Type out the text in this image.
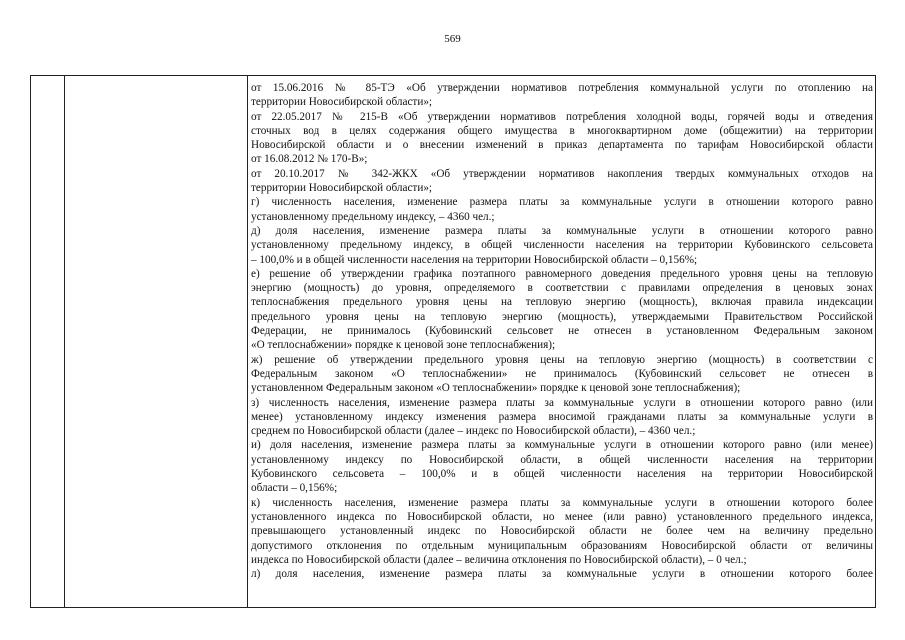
569
от 15.06.2016 № 85-ТЭ «Об утверждении нормативов потребления коммунальной услуги по отоплению на
территории Новосибирской области»;
от 22.05.2017 № 215-В «Об утверждении нормативов потребления холодной воды, горячей воды и отведения
сточных вод в целях содержания общего имущества в многоквартирном доме (общежитии) на территории
Новосибирской области и о внесении изменений в приказ департамента по тарифам Новосибирской области
от 16.08.2012 № 170-В»;
от 20.10.2017 № 342-ЖКХ «Об утверждении нормативов накопления твердых коммунальных отходов на
территории Новосибирской области»;
г) численность населения, изменение размера платы за коммунальные услуги в отношении которого равно
установленному предельному индексу, – 4360 чел.;
д) доля населения, изменение размера платы за коммунальные услуги в отношении которого равно
установленному предельному индексу, в общей численности населения на территории Кубовинского сельсовета
– 100,0% и в общей численности населения на территории Новосибирской области – 0,156%;
е) решение об утверждении графика поэтапного равномерного доведения предельного уровня цены на тепловую
энергию (мощность) до уровня, определяемого в соответствии с правилами определения в ценовых зонах
теплоснабжения предельного уровня цены на тепловую энергию (мощность), включая правила индексации
предельного уровня цены на тепловую энергию (мощность), утверждаемыми Правительством Российской
Федерации, не принималось (Кубовинский сельсовет не отнесен в установленном Федеральным законом
«О теплоснабжении» порядке к ценовой зоне теплоснабжения);
ж) решение об утверждении предельного уровня цены на тепловую энергию (мощность) в соответствии с
Федеральным законом «О теплоснабжении» не принималось (Кубовинский сельсовет не отнесен в
установленном Федеральным законом «О теплоснабжении» порядке к ценовой зоне теплоснабжения);
з) численность населения, изменение размера платы за коммунальные услуги в отношении которого равно (или
менее) установленному индексу изменения размера вносимой гражданами платы за коммунальные услуги в
среднем по Новосибирской области (далее – индекс по Новосибирской области), – 4360 чел.;
и) доля населения, изменение размера платы за коммунальные услуги в отношении которого равно (или менее)
установленному индексу по Новосибирской области, в общей численности населения на территории
Кубовинского сельсовета – 100,0% и в общей численности населения на территории Новосибирской
области – 0,156%;
к) численность населения, изменение размера платы за коммунальные услуги в отношении которого более
установленного индекса по Новосибирской области, но менее (или равно) установленного предельного индекса,
превышающего установленный индекс по Новосибирской области не более чем на величину предельно
допустимого отклонения по отдельным муниципальным образованиям Новосибирской области от величины
индекса по Новосибирской области (далее – величина отклонения по Новосибирской области), – 0 чел.;
л) доля населения, изменение размера платы за коммунальные услуги в отношении которого более
